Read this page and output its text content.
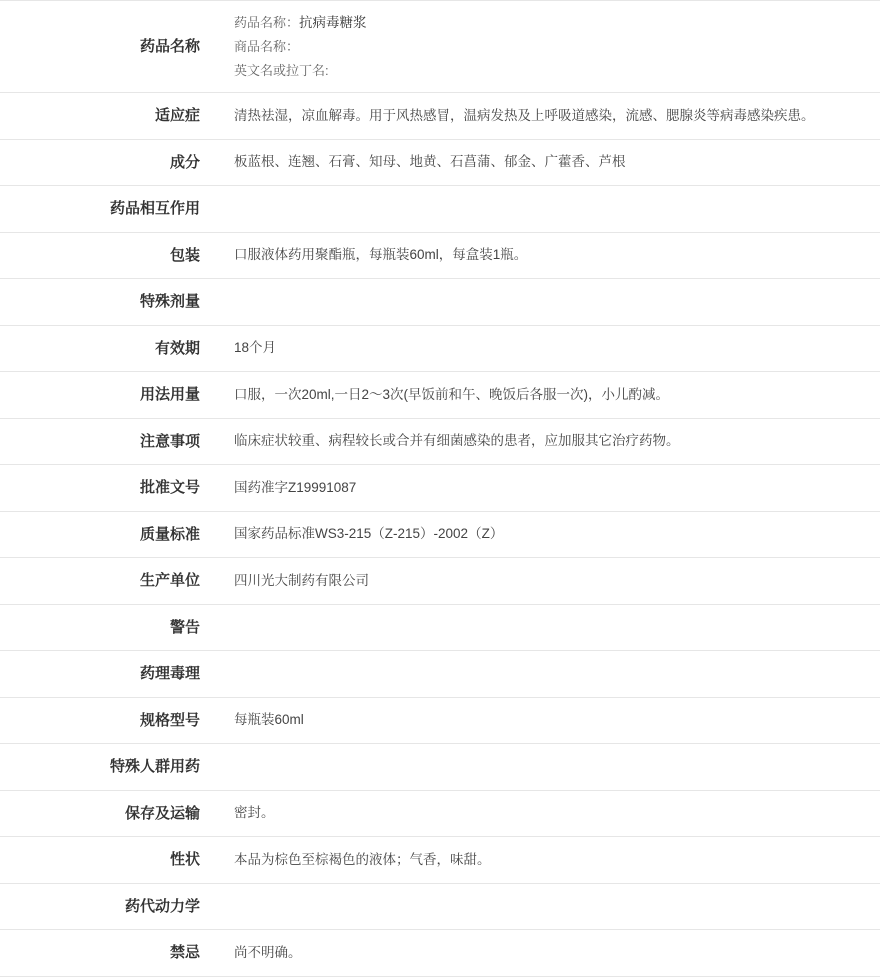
药品名称	药品名称：抗病毒糖浆
商品名称：
英文名或拉丁名:

适应症	清热祛湿，凉血解毒。用于风热感冒，温病发热及上呼吸道感染，流感、腮腺炎等病毒感染疾患。
成分	板蓝根、连翘、石膏、知母、地黄、石菖蒲、郁金、广藿香、芦根
药品相互作用	
包装	口服液体药用聚酯瓶，每瓶装60ml，每盒装1瓶。
特殊剂量	
有效期	18个月
用法用量	口服，一次20ml,一日2～3次(早饭前和午、晚饭后各服一次)，小儿酌减。
注意事项	临床症状较重、病程较长或合并有细菌感染的患者，应加服其它治疗药物。
批准文号	国药准字Z19991087
质量标准	国家药品标准WS3-215（Z-215）-2002（Z）
生产单位	四川光大制药有限公司
警告	
药理毒理	
规格型号	每瓶装60ml
特殊人群用药	
保存及运输	密封。
性状	本品为棕色至棕褐色的液体；气香，味甜。
药代动力学	
禁忌	尚不明确。
